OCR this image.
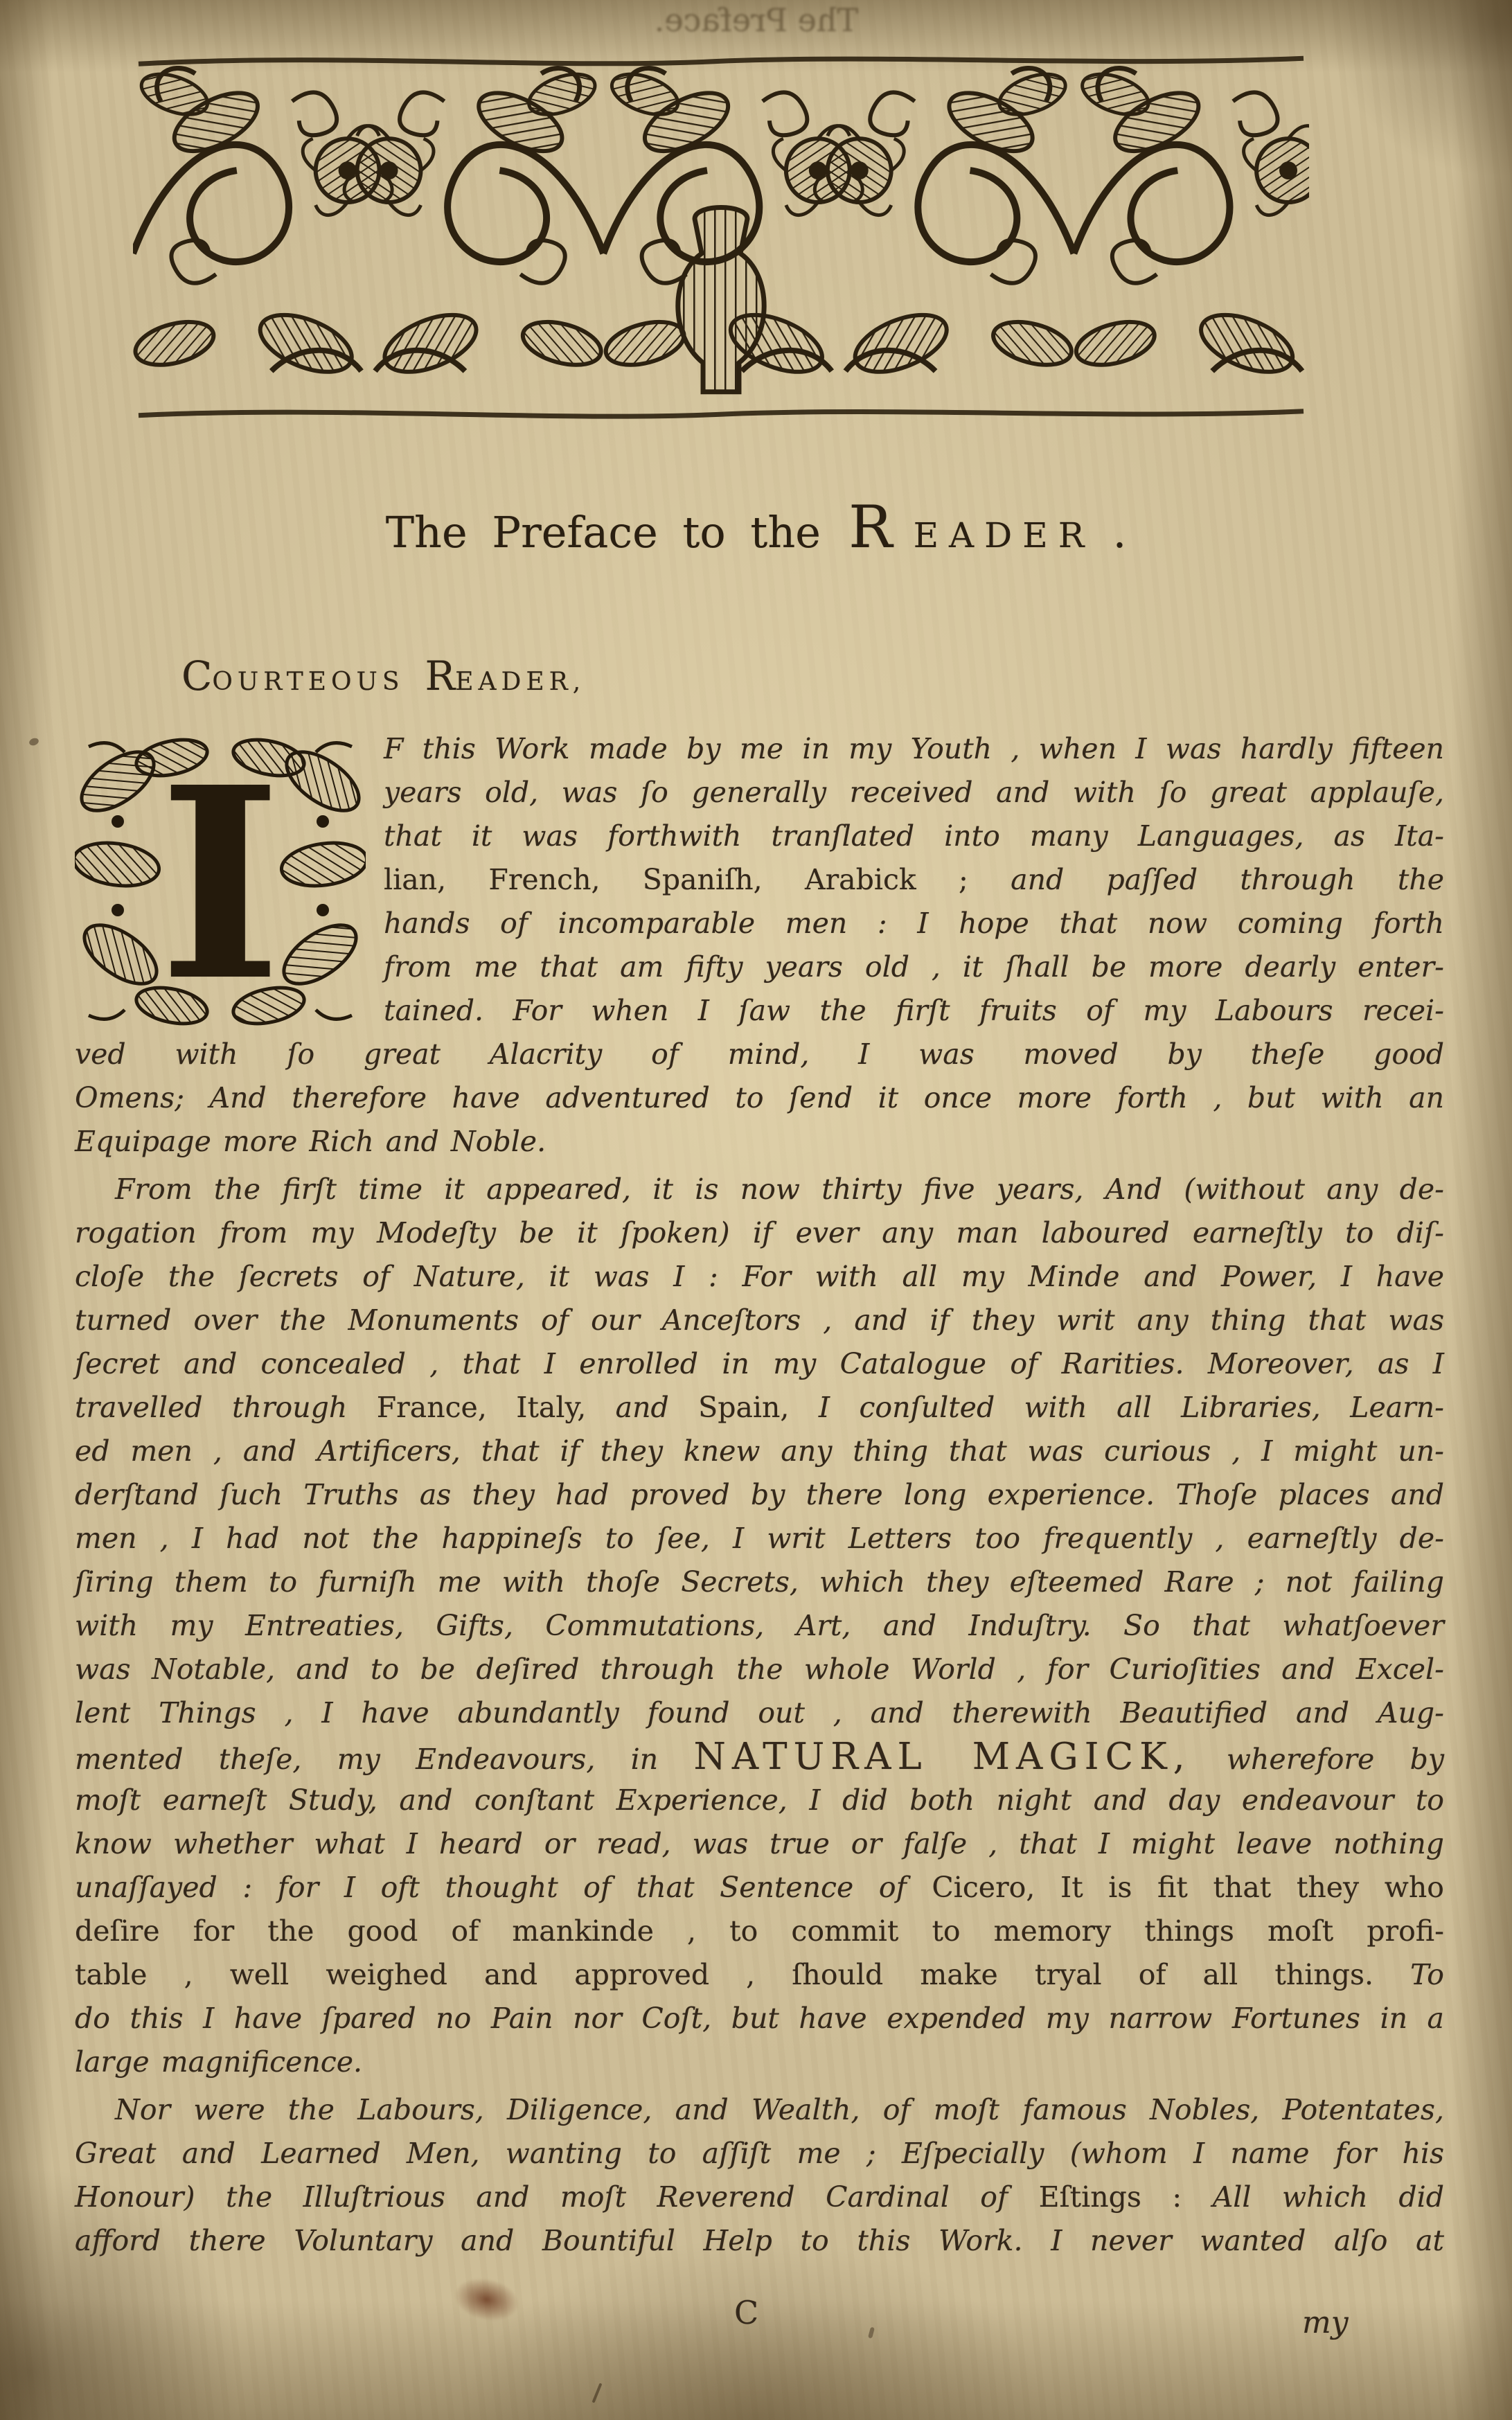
The Preface.
The Preface to the R EADER .
COURTEOUS READER,
I	F this Work made by me in my Youth , when I was hardly fifteen
years old, was ſo generally received and with ſo great applauſe,
that it was forthwith tranſlated into many Languages, as Ita-
lian, French, Spaniſh, Arabick ; and paſſed through the
hands of incomparable men : I hope that now coming forth
from me that am fifty years old , it ſhall be more dearly enter-
tained. For when I ſaw the firſt fruits of my Labours recei-
ved with ſo great Alacrity of mind, I was moved by theſe good
Omens; And therefore have adventured to ſend it once more forth , but with an
Equipage more Rich and Noble.
From the firſt time it appeared, it is now thirty five years, And (without any de-
rogation from my Modeſty be it ſpoken) if ever any man laboured earneſtly to diſ-
cloſe the ſecrets of Nature, it was I : For with all my Minde and Power, I have
turned over the Monuments of our Anceſtors , and if they writ any thing that was
ſecret and concealed , that I enrolled in my Catalogue of Rarities. Moreover, as I
travelled through France, Italy, and Spain, I conſulted with all Libraries, Learn-
ed men , and Artificers, that if they knew any thing that was curious , I might un-
derſtand ſuch Truths as they had proved by there long experience. Thoſe places and
men , I had not the happineſs to ſee, I writ Letters too frequently , earneſtly de-
ſiring them to furniſh me with thoſe Secrets, which they eſteemed Rare ; not failing
with my Entreaties, Gifts, Commutations, Art, and Induſtry. So that whatſoever
was Notable, and to be deſired through the whole World , for Curioſities and Excel-
lent Things , I have abundantly found out , and therewith Beautified and Aug-
mented theſe, my Endeavours, in NATURAL MAGICK, wherefore by
moſt earneſt Study, and conſtant Experience, I did both night and day endeavour to
know whether what I heard or read, was true or falſe , that I might leave nothing
unaſſayed : for I oft thought of that Sentence of Cicero, It is fit that they who
deſire for the good of mankinde , to commit to memory things moſt profi-
table , well weighed and approved , ſhould make tryal of all things. To
do this I have ſpared no Pain nor Coſt, but have expended my narrow Fortunes in a
large magnificence.
Nor were the Labours, Diligence, and Wealth, of moſt famous Nobles, Potentates,
Great and Learned Men, wanting to aſſiſt me ; Eſpecially (whom I name for his
Honour) the Illuſtrious and moſt Reverend Cardinal of Eſtings : All which did
afford there Voluntary and Bountiful Help to this Work. I never wanted alſo at
C	my
